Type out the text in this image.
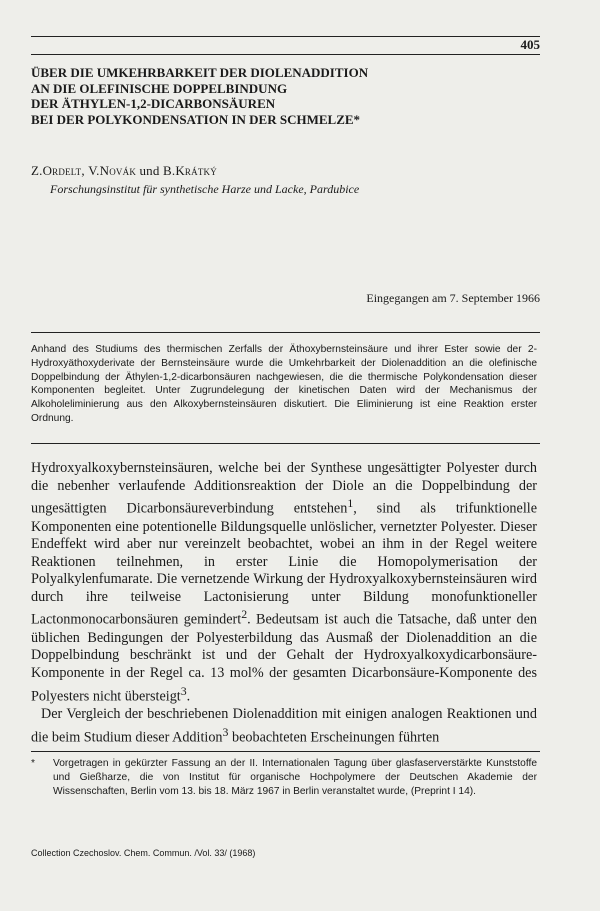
405
ÜBER DIE UMKEHRBARKEIT DER DIOLENADDITION
AN DIE OLEFINISCHE DOPPELBINDUNG
DER ÄTHYLEN-1,2-DICARBONSÄUREN
BEI DER POLYKONDENSATION IN DER SCHMELZE*
Z.Ordelt, V.Novák und B.Krátký
Forschungsinstitut für synthetische Harze und Lacke, Pardubice
Eingegangen am 7. September 1966
Anhand des Studiums des thermischen Zerfalls der Äthoxybernsteinsäure und ihrer Ester sowie der 2-Hydroxyäthoxyderivate der Bernsteinsäure wurde die Umkehrbarkeit der Diolenaddition an die olefinische Doppelbindung der Äthylen-1,2-dicarbonsäuren nachgewiesen, die die thermische Polykondensation dieser Komponenten begleitet. Unter Zugrundelegung der kinetischen Daten wird der Mechanismus der Alkoholeliminierung aus den Alkoxybernsteinsäuren diskutiert. Die Eliminierung ist eine Reaktion erster Ordnung.

Hydroxyalkoxybernsteinsäuren, welche bei der Synthese ungesättigter Polyester durch die nebenher verlaufende Additionsreaktion der Diole an die Doppelbindung der ungesättigten Dicarbonsäureverbindung entstehen$^1$, sind als trifunktionelle Komponenten eine potentionelle Bildungsquelle unlöslicher, vernetzter Polyester. Dieser Endeffekt wird aber nur vereinzelt beobachtet, wobei an ihm in der Regel weitere Reaktionen teilnehmen, in erster Linie die Homopolymerisation der Polyalkylenfumarate. Die vernetzende Wirkung der Hydroxyalkoxybernsteinsäuren wird durch ihre teilweise Lactonisierung unter Bildung monofunktioneller Lactonmonocarbonsäuren gemindert$^2$. Bedeutsam ist auch die Tatsache, daß unter den üblichen Bedingungen der Polyesterbildung das Ausmaß der Diolenaddition an die Doppelbindung beschränkt ist und der Gehalt der Hydroxyalkoxydicarbonsäure-Komponente in der Regel ca. 13 mol% der gesamten Dicarbonsäure-Komponente des Polyesters nicht übersteigt$^3$.

Der Vergleich der beschriebenen Diolenaddition mit einigen analogen Reaktionen und die beim Studium dieser Addition$^3$ beobachteten Erscheinungen führten

*	Vorgetragen in gekürzter Fassung an der II. Internationalen Tagung über glasfaserverstärkte Kunststoffe und Gießharze, die von Institut für organische Hochpolymere der Deutschen Akademie der Wissenschaften, Berlin vom 13. bis 18. März 1967 in Berlin veranstaltet wurde, (Preprint I 14).
Collection Czechoslov. Chem. Commun. /Vol. 33/ (1968)
